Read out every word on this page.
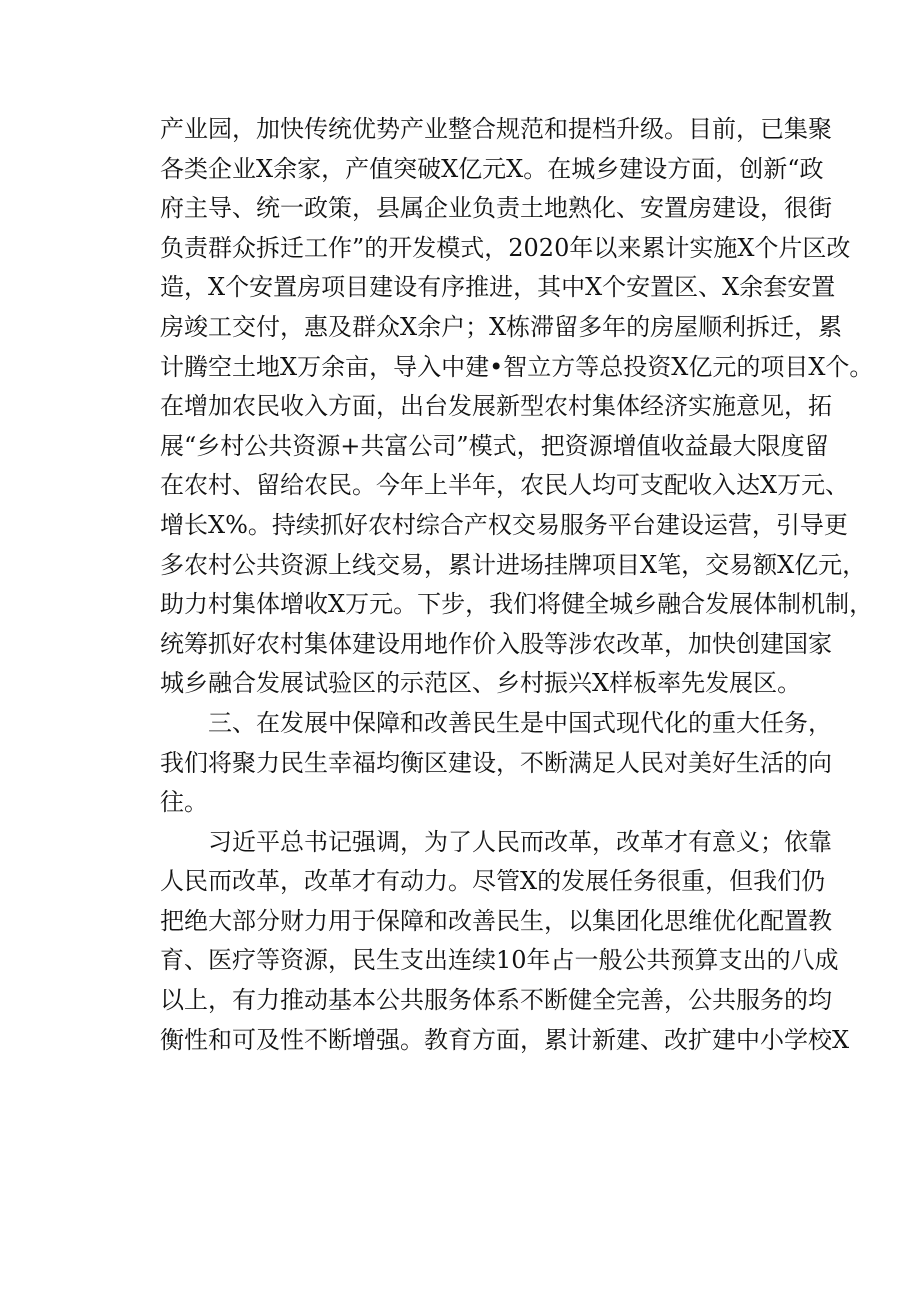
产业园，加快传统优势产业整合规范和提档升级。目前，已集聚
各类企业X余家，产值突破X亿元X。在城乡建设方面，创新“政
府主导、统一政策，县属企业负责土地熟化、安置房建设，很街
负责群众拆迁工作”的开发模式，2020年以来累计实施X个片区改
造，X个安置房项目建设有序推进，其中X个安置区、X余套安置
房竣工交付，惠及群众X余户；X栋滞留多年的房屋顺利拆迁，累
计腾空土地X万余亩，导入中建•智立方等总投资X亿元的项目X个。
在增加农民收入方面，出台发展新型农村集体经济实施意见，拓
展“乡村公共资源+共富公司”模式，把资源增值收益最大限度留
在农村、留给农民。今年上半年，农民人均可支配收入达X万元、
增长X%。持续抓好农村综合产权交易服务平台建设运营，引导更
多农村公共资源上线交易，累计进场挂牌项目X笔，交易额X亿元，
助力村集体增收X万元。下步，我们将健全城乡融合发展体制机制，
统筹抓好农村集体建设用地作价入股等涉农改革，加快创建国家
城乡融合发展试验区的示范区、乡村振兴X样板率先发展区。
三、在发展中保障和改善民生是中国式现代化的重大任务，
我们将聚力民生幸福均衡区建设，不断满足人民对美好生活的向
往。
习近平总书记强调，为了人民而改革，改革才有意义；依靠
人民而改革，改革才有动力。尽管X的发展任务很重，但我们仍
把绝大部分财力用于保障和改善民生，以集团化思维优化配置教
育、医疗等资源，民生支出连续10年占一般公共预算支出的八成
以上，有力推动基本公共服务体系不断健全完善，公共服务的均
衡性和可及性不断增强。教育方面，累计新建、改扩建中小学校X
